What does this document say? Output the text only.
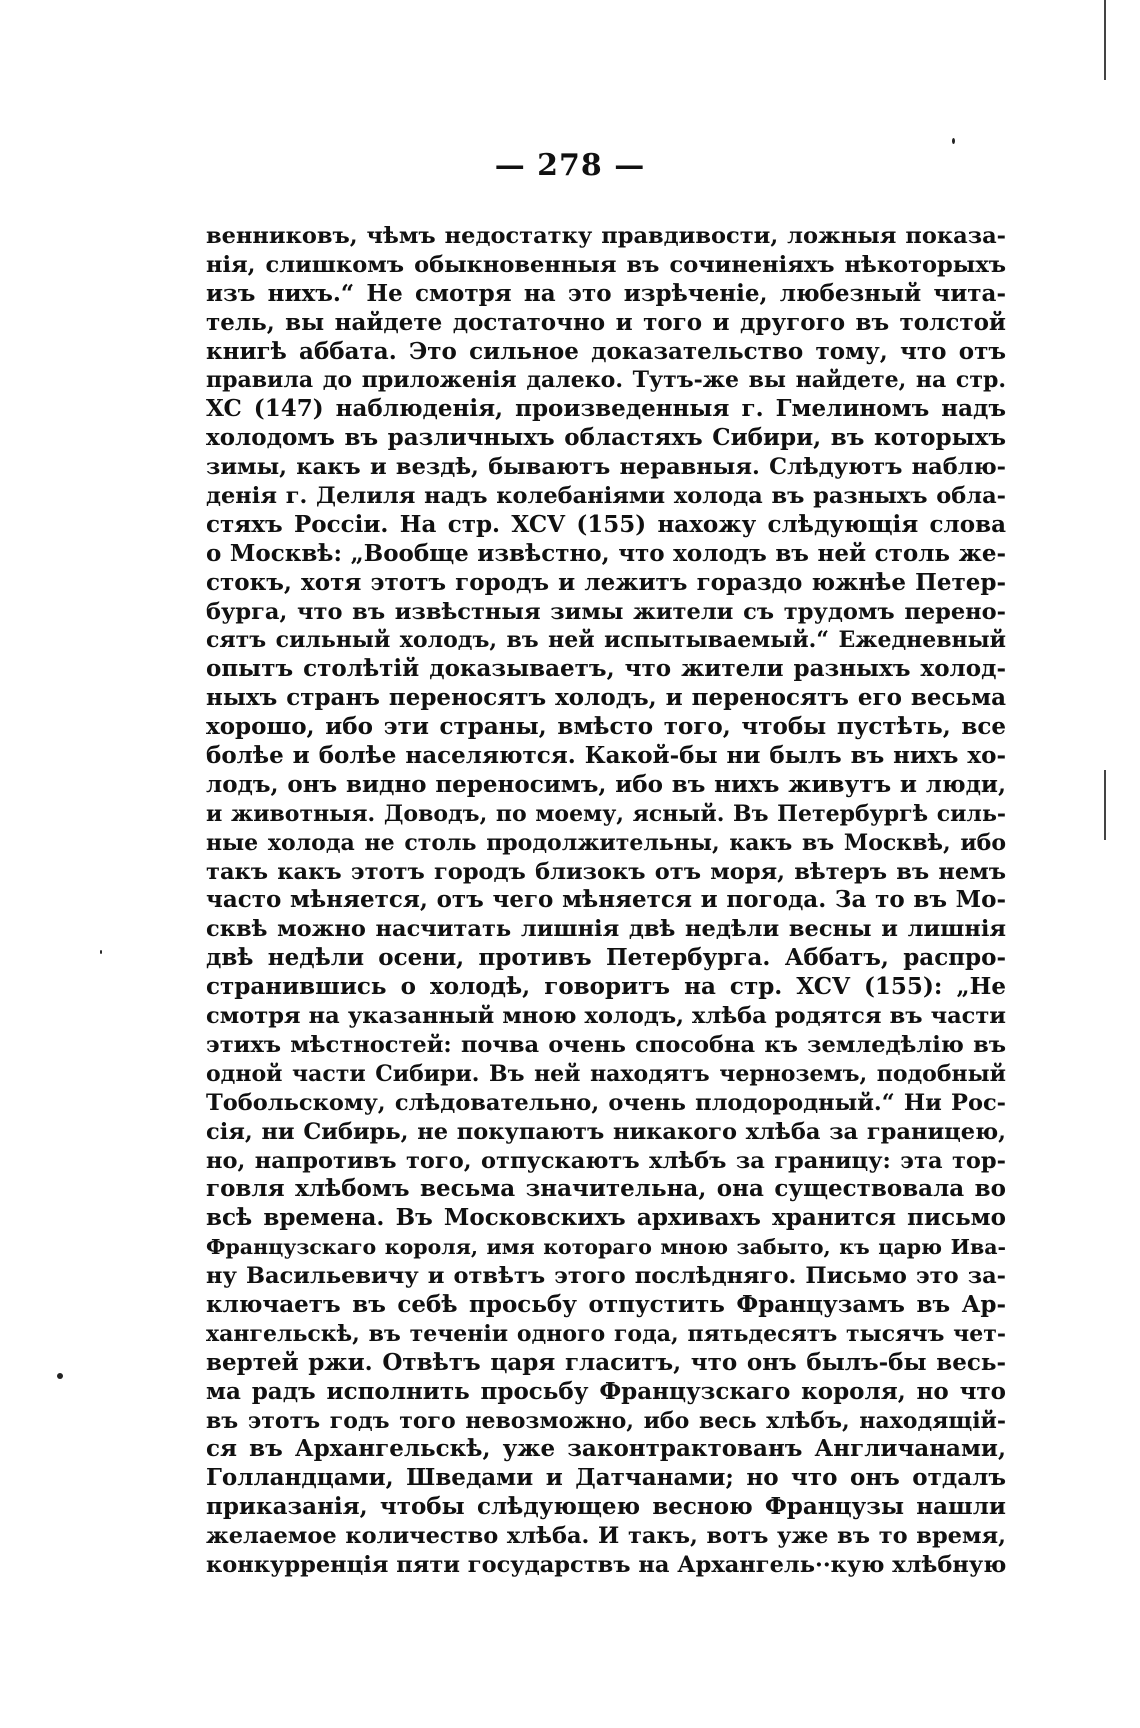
— 278 —
венниковъ, чѣмъ недостатку правдивости, ложныя показа-
нія, слишкомъ обыкновенныя въ сочиненіяхъ нѣкоторыхъ
изъ нихъ.“ Не смотря на это изрѣченіе, любезный чита-
тель, вы найдете достаточно и того и другого въ толстой
книгѣ аббата. Это сильное доказательство тому, что отъ
правила до приложенія далеко. Тутъ-же вы найдете, на стр.
XC (147) наблюденія, произведенныя г. Гмелиномъ надъ
холодомъ въ различныхъ областяхъ Сибири, въ которыхъ
зимы, какъ и вездѣ, бываютъ неравныя. Слѣдуютъ наблю-
денія г. Делиля надъ колебаніями холода въ разныхъ обла-
стяхъ Россіи. На стр. XCV (155) нахожу слѣдующія слова
о Москвѣ: „Вообще извѣстно, что холодъ въ ней столь же-
стокъ, хотя этотъ городъ и лежитъ гораздо южнѣе Петер-
бурга, что въ извѣстныя зимы жители съ трудомъ перено-
сятъ сильный холодъ, въ ней испытываемый.“ Ежедневный
опытъ столѣтій доказываетъ, что жители разныхъ холод-
ныхъ странъ переносятъ холодъ, и переносятъ его весьма
хорошо, ибо эти страны, вмѣсто того, чтобы пустѣть, все
болѣе и болѣе населяются. Какой-бы ни былъ въ нихъ хо-
лодъ, онъ видно переносимъ, ибо въ нихъ живутъ и люди,
и животныя. Доводъ, по моему, ясный. Въ Петербургѣ силь-
ные холода не столь продолжительны, какъ въ Москвѣ, ибо
такъ какъ этотъ городъ близокъ отъ моря, вѣтеръ въ немъ
часто мѣняется, отъ чего мѣняется и погода. За то въ Мо-
сквѣ можно насчитать лишнія двѣ недѣли весны и лишнія
двѣ недѣли осени, противъ Петербурга. Аббатъ, распро-
странившись о холодѣ, говоритъ на стр. XCV (155): „Не
смотря на указанный мною холодъ, хлѣба родятся въ части
этихъ мѣстностей: почва очень способна къ земледѣлію въ
одной части Сибири. Въ ней находятъ черноземъ, подобный
Тобольскому, слѣдовательно, очень плодородный.“ Ни Рос-
сія, ни Сибирь, не покупаютъ никакого хлѣба за границею,
но, напротивъ того, отпускаютъ хлѣбъ за границу: эта тор-
говля хлѣбомъ весьма значительна, она существовала во
всѣ времена. Въ Московскихъ архивахъ хранится письмо
Французскаго короля, имя котораго мною забыто, къ царю Ива-
ну Васильевичу и отвѣтъ этого послѣдняго. Письмо это за-
ключаетъ въ себѣ просьбу отпустить Французамъ въ Ар-
хангельскѣ, въ теченіи одного года, пятьдесятъ тысячъ чет-
вертей ржи. Отвѣтъ царя гласитъ, что онъ былъ-бы весь-
ма радъ исполнить просьбу Французскаго короля, но что
въ этотъ годъ того невозможно, ибо весь хлѣбъ, находящій-
ся въ Архангельскѣ, уже законтрактованъ Англичанами,
Голландцами, Шведами и Датчанами; но что онъ отдалъ
приказанія, чтобы слѣдующею весною Французы нашли
желаемое количество хлѣба. И такъ, вотъ уже въ то время,
конкурренція пяти государствъ на Архангель··кую хлѣбную
